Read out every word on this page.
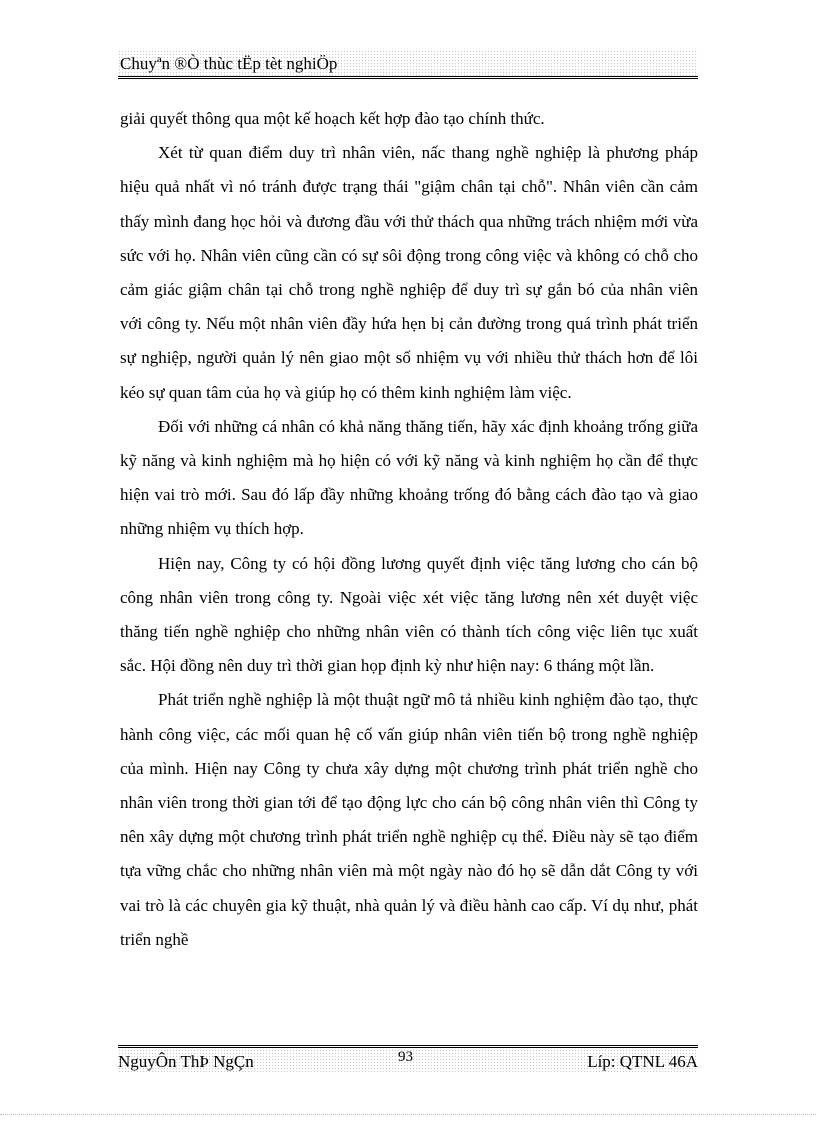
Chuyªn ®Ò thùc tËp tèt nghiÖp

giải quyết thông qua một kế hoạch kết hợp đào tạo chính thức.

Xét từ quan điểm duy trì nhân viên, nấc thang nghề nghiệp là phương pháp hiệu quả nhất vì nó tránh được trạng thái "giậm chân tại chỗ". Nhân viên cần cảm thấy mình đang học hỏi và đương đầu với thử thách qua những trách nhiệm mới vừa sức với họ. Nhân viên cũng cần có sự sôi động trong công việc và không có chỗ cho cảm giác giậm chân tại chỗ trong nghề nghiệp để duy trì sự gắn bó của nhân viên với công ty. Nếu một nhân viên đầy hứa hẹn bị cản đường trong quá trình phát triển sự nghiệp, người quản lý nên giao một số nhiệm vụ với nhiều thử thách hơn để lôi kéo sự quan tâm của họ và giúp họ có thêm kinh nghiệm làm việc.

Đối với những cá nhân có khả năng thăng tiến, hãy xác định khoảng trống giữa kỹ năng và kinh nghiệm mà họ hiện có với kỹ năng và kinh nghiệm họ cần để thực hiện vai trò mới. Sau đó lấp đầy những khoảng trống đó bằng cách đào tạo và giao những nhiệm vụ thích hợp.

Hiện nay, Công ty có hội đồng lương quyết định việc tăng lương cho cán bộ công nhân viên trong công ty. Ngoài việc xét việc tăng lương nên xét duyệt việc thăng tiến nghề nghiệp cho những nhân viên có thành tích công việc liên tục xuất sắc. Hội đồng nên duy trì thời gian họp định kỳ như hiện nay: 6 tháng một lần.

Phát triển nghề nghiệp là một thuật ngữ mô tả nhiều kinh nghiệm đào tạo, thực hành công việc, các mối quan hệ cố vấn giúp nhân viên tiến bộ trong nghề nghiệp của mình. Hiện nay Công ty chưa xây dựng một chương trình phát triển nghề cho nhân viên trong thời gian tới để tạo động lực cho cán bộ công nhân viên thì Công ty nên xây dựng một chương trình phát triển nghề nghiệp cụ thể. Điều này sẽ tạo điểm tựa vững chắc cho những nhân viên mà một ngày nào đó họ sẽ dẫn dắt Công ty với vai trò là các chuyên gia kỹ thuật, nhà quản lý và điều hành cao cấp. Ví dụ như, phát triển nghề

NguyÔn ThÞ NgÇn	93	Líp: QTNL 46A
